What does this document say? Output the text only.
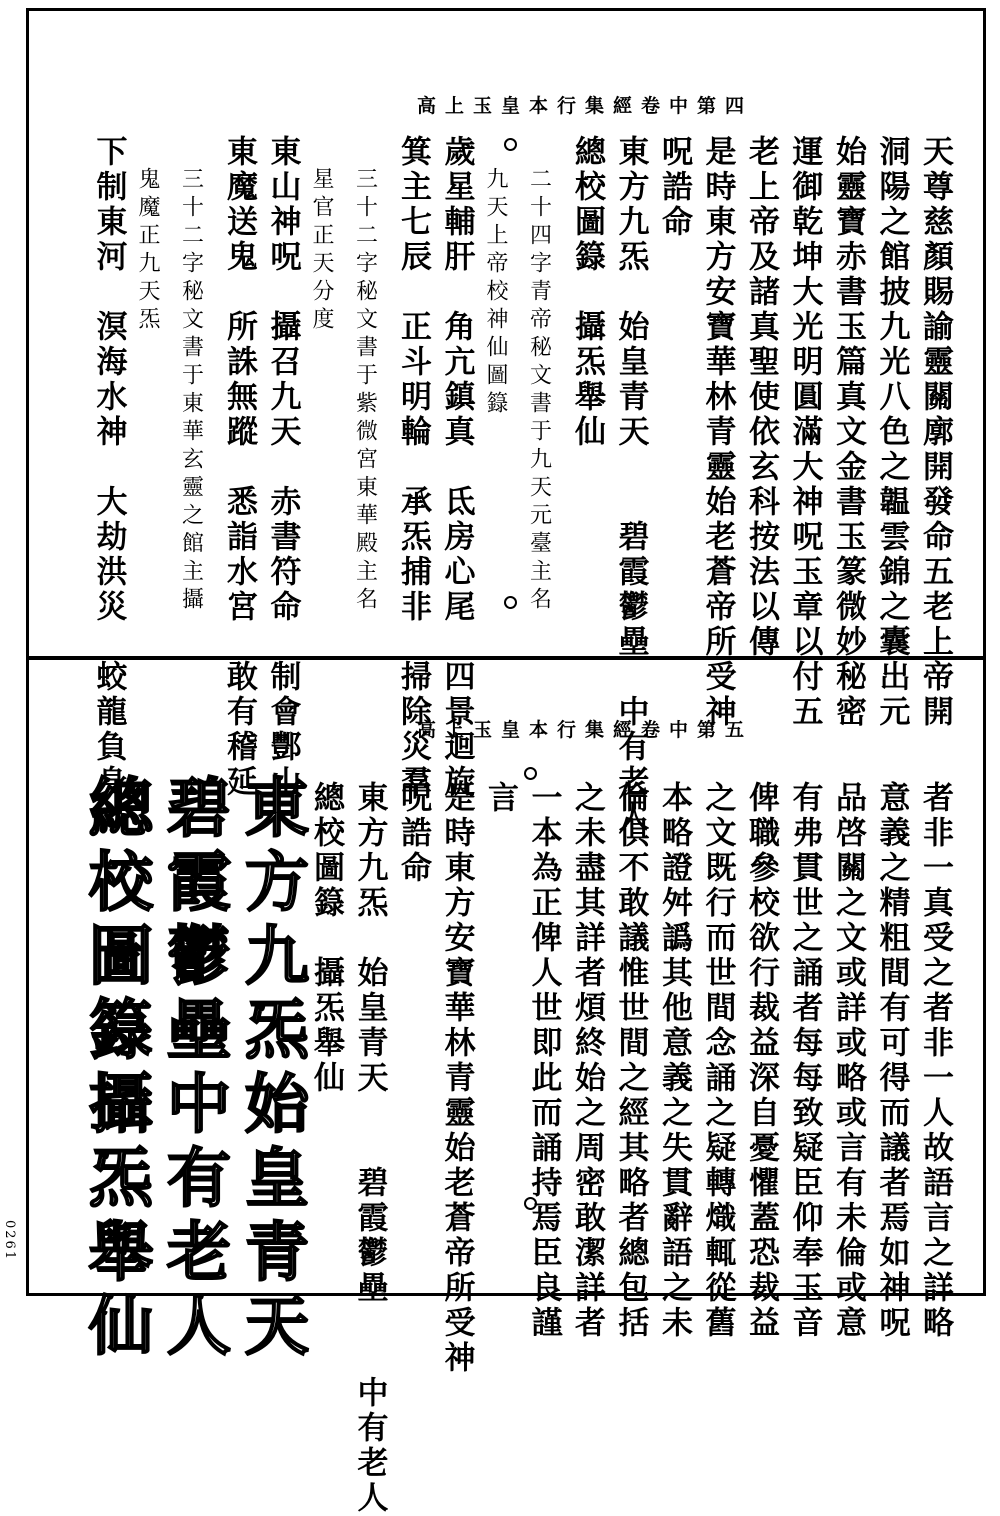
高上玉皇本行集經卷中第四
天尊慈顏賜諭靈關廓開發命五老上帝開
洞陽之館披九光八色之韞雲錦之囊出元
始靈寶赤書玉篇真文金書玉篆微妙秘密
運御乾坤大光明圓滿大神呪玉章以付五
老上帝及諸真聖使依玄科按法以傳
是時東方安寶華林青靈始老蒼帝所受神
呪誥命
東方九炁　始皇青天　　碧霞鬱壘　中有老人
總校圖籙　攝炁舉仙
二十四字青帝秘文書于九天元臺主名
九天上帝校神仙圖籙
歲星輔肝　角亢鎮真　氐房心尾　四景迴旋
箕主七辰　正斗明輪　承炁捕非　掃除災羣
三十二字秘文書于紫微宮東華殿主名
星官正天分度
東山神呪　攝召九天　赤書符命　制會酆山
東魔送鬼　所誅無蹤　悉詣水宮　敢有稽延
三十二字秘文書于東華玄靈之館主攝
鬼魔正九天炁
下制東河　溟海水神　大劫洪災　蛟龍負身	高上玉皇本行集經卷中第五
者非一真受之者非一人故語言之詳略
意義之精粗間有可得而議者焉如神呪
品啓關之文或詳或略或言有未倫或意
有弗貫世之誦者每每致疑臣仰奉玉音
俾職參校欲行裁益深自憂懼蓋恐裁益
之文既行而世間念誦之疑轉熾輒從舊
本略證舛譌其他意義之失貫辭語之未
倫俱不敢議惟世間之經其略者總包括
之未盡其詳者煩終始之周密敢潔詳者
一本為正俾人世即此而誦持焉臣良謹
言
是時東方安寶華林青靈始老蒼帝所受神
呪誥命
東方九炁　始皇青天　　碧霞鬱壘　　中有老人
總校圖籙　攝炁舉仙
東方九炁始皇青天
碧霞鬱壘中有老人
總校圖籙攝炁舉仙
0261
